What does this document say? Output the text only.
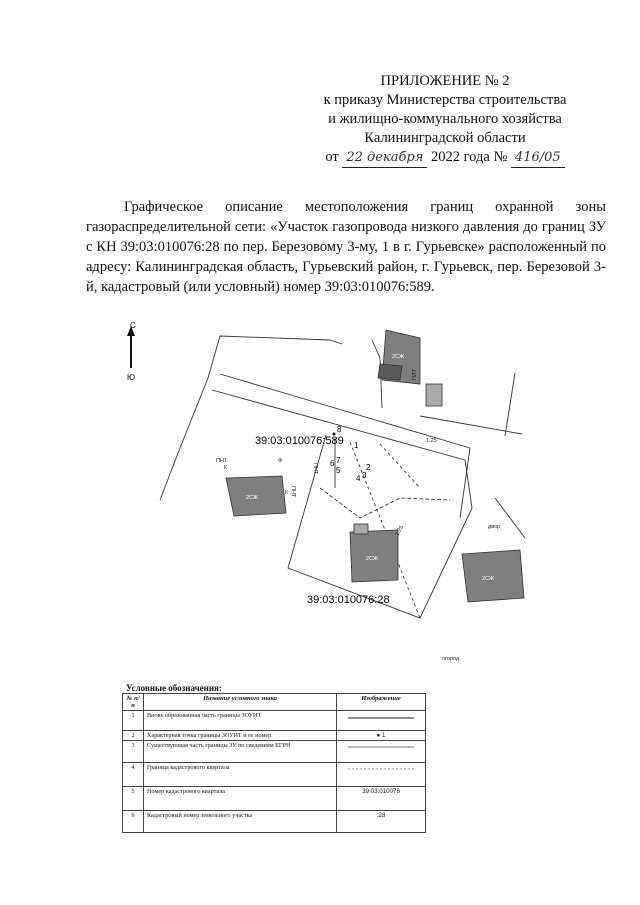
ПРИЛОЖЕНИЕ № 2
к приказу Министерства строительства
и жилищно-коммунального хозяйства
Калининградской области
от 22 декабря 2022 года № 416/05

Графическое описание местоположения границ охранной зоны газораспределительной сети: «Участок газопровода низкого давления до границ ЗУ с КН 39:03:010076:28 по пер. Березовому 3-му, 1 в г. Гурьевске» расположенный по адресу: Калининградская область, Гурьевский район, г. Гурьевск, пер. Березовой 3-й, кадастровый (или условный) номер 39:03:010076:589.

С
Ю
2СЖ
2СЖ
2СЖ
2СЖ
39:03:010076:589
39:03:010076:28
8
1
7
6
5	2
3
4
1.25
1.25	двор
огород
ПНТ
ПНТ
ПНТ
ПЛТ
К
К
Ф
Условные обозначения:
№ п/п	Название условного знака	Изображение
1	Вновь образованная часть границы ЗОУИТ	
2	Характерная точка границы ЗОУИТ и ее номер	● 1
3	Существующая часть границы ЗУ по сведениям ЕГРН	
4	Граница кадастрового квартала	
5	Номер кадастрового квартала	39:03:010076
6	Кадастровый номер земельного участка	:28
